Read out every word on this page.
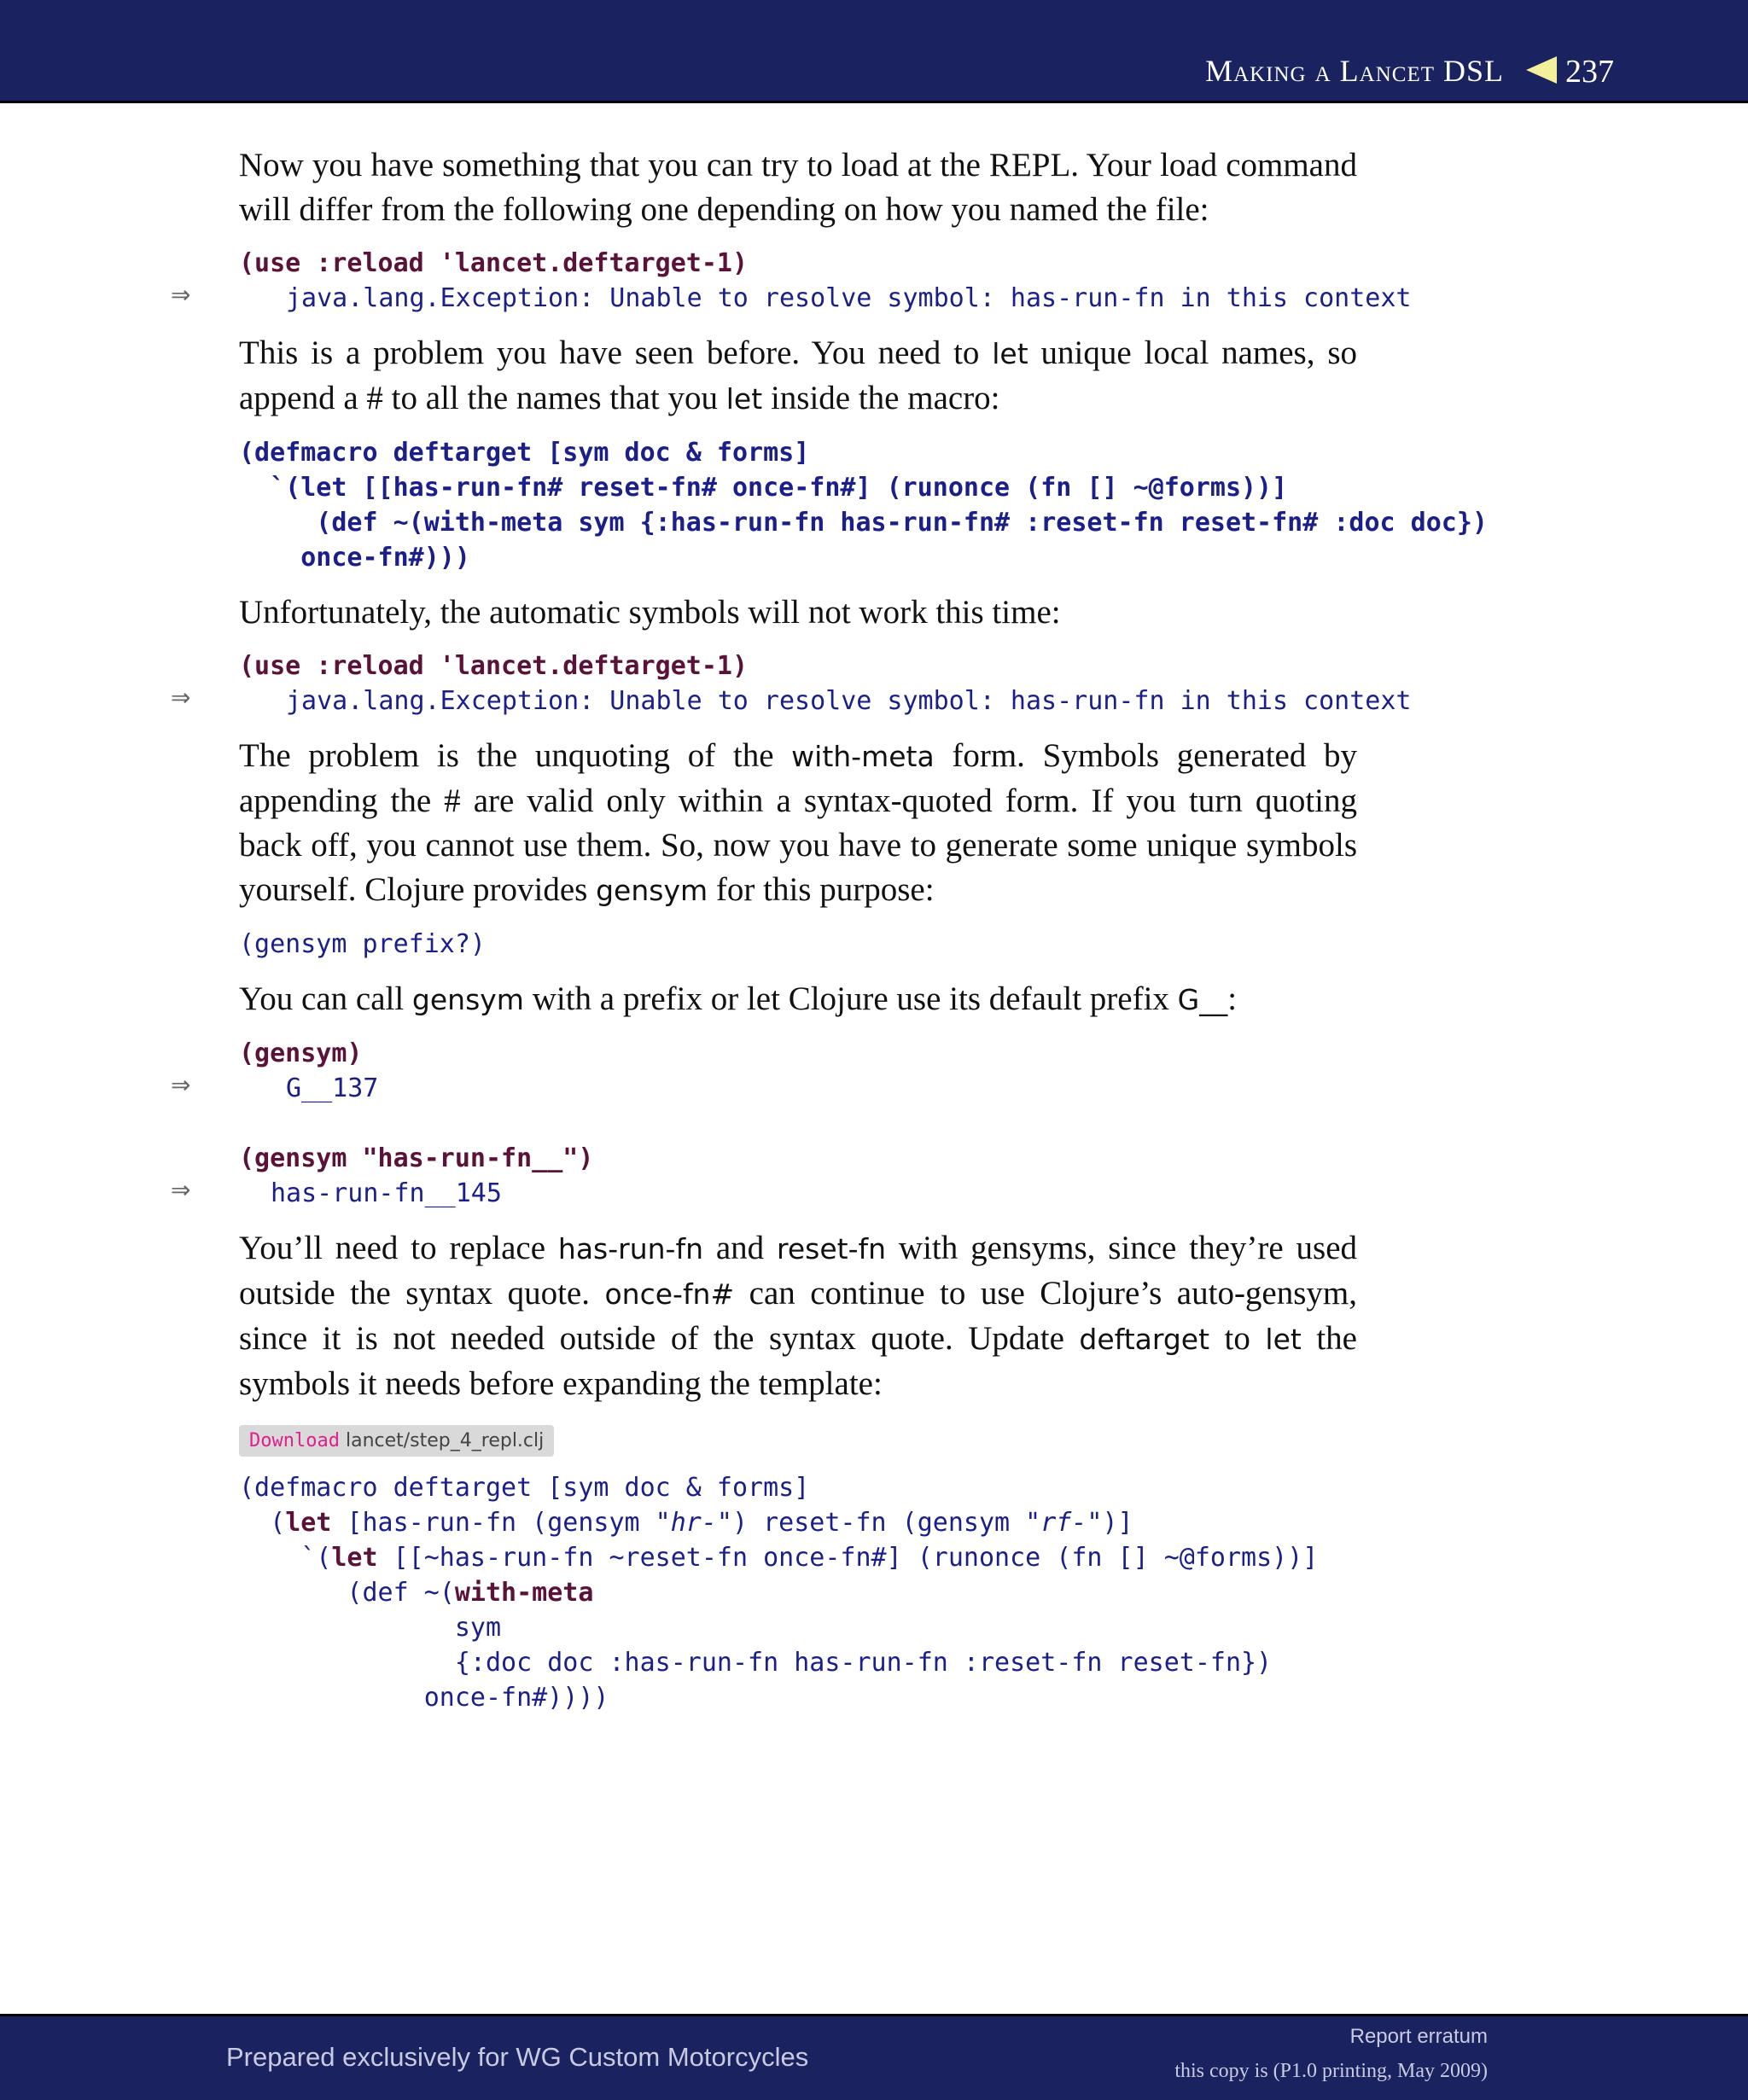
Making a Lancet DSL 237

Now you have something that you can try to load at the REPL. Your load command will differ from the following one depending on how you named the file:

(use :reload 'lancet.deftarget-1)
⇒	java.lang.Exception: Unable to resolve symbol: has-run-fn in this context

This is a problem you have seen before. You need to let unique local names, so append a # to all the names that you let inside the macro:

(defmacro deftarget [sym doc & forms]
`(let [[has-run-fn# reset-fn# once-fn#] (runonce (fn [] ~@forms))]
(def ~(with-meta sym {:has-run-fn has-run-fn# :reset-fn reset-fn# :doc doc})
once-fn#)))

Unfortunately, the automatic symbols will not work this time:

(use :reload 'lancet.deftarget-1)
⇒	java.lang.Exception: Unable to resolve symbol: has-run-fn in this context

The problem is the unquoting of the with-meta form. Symbols generated by appending the # are valid only within a syntax-quoted form. If you turn quoting back off, you cannot use them. So, now you have to generate some unique symbols yourself. Clojure provides gensym for this purpose:

(gensym prefix?)

You can call gensym with a prefix or let Clojure use its default prefix G__:

(gensym)
⇒	G__137
(gensym "has-run-fn__")
⇒	has-run-fn__145

You’ll need to replace has-run-fn and reset-fn with gensyms, since they’re used outside the syntax quote. once-fn# can continue to use Clojure’s auto-gensym, since it is not needed outside of the syntax quote. Update deftarget to let the symbols it needs before expanding the template:

Download lancet/step_4_repl.clj
(defmacro deftarget [sym doc & forms]
(let [has-run-fn (gensym "hr-") reset-fn (gensym "rf-")]
`(let [[~has-run-fn ~reset-fn once-fn#] (runonce (fn [] ~@forms))]
(def ~(with-meta
sym
{:doc doc :has-run-fn has-run-fn :reset-fn reset-fn})
once-fn#))))
Prepared exclusively for WG Custom Motorcycles
Report erratum
this copy is (P1.0 printing, May 2009)
